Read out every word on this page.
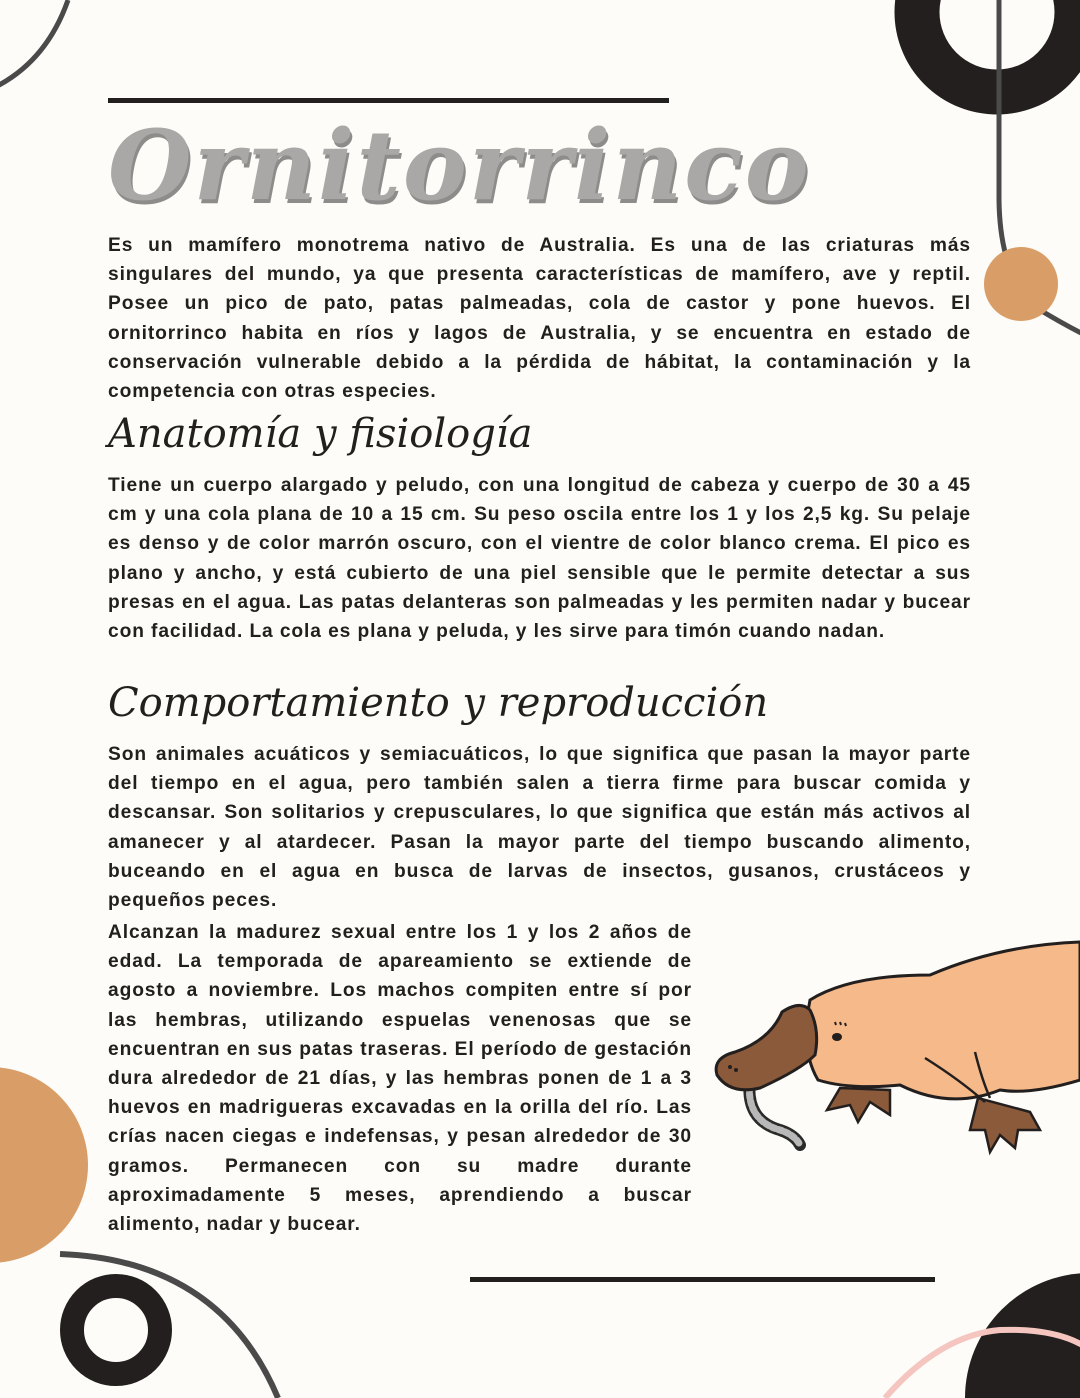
Ornitorrinco

Es un mamífero monotrema nativo de Australia. Es una de las criaturas más singulares del mundo, ya que presenta características de mamífero, ave y reptil. Posee un pico de pato, patas palmeadas, cola de castor y pone huevos. El ornitorrinco habita en ríos y lagos de Australia, y se encuentra en estado de conservación vulnerable debido a la pérdida de hábitat, la contaminación y la competencia con otras especies.

Anatomía y fisiología

Tiene un cuerpo alargado y peludo, con una longitud de cabeza y cuerpo de 30 a 45 cm y una cola plana de 10 a 15 cm. Su peso oscila entre los 1 y los 2,5 kg. Su pelaje es denso y de color marrón oscuro, con el vientre de color blanco crema. El pico es plano y ancho, y está cubierto de una piel sensible que le permite detectar a sus presas en el agua. Las patas delanteras son palmeadas y les permiten nadar y bucear con facilidad. La cola es plana y peluda, y les sirve para timón cuando nadan.

Comportamiento y reproducción

Son animales acuáticos y semiacuáticos, lo que significa que pasan la mayor parte del tiempo en el agua, pero también salen a tierra firme para buscar comida y descansar. Son solitarios y crepusculares, lo que significa que están más activos al amanecer y al atardecer. Pasan la mayor parte del tiempo buscando alimento, buceando en el agua en busca de larvas de insectos, gusanos, crustáceos y pequeños peces.

Alcanzan la madurez sexual entre los 1 y los 2 años de edad. La temporada de apareamiento se extiende de agosto a noviembre. Los machos compiten entre sí por las hembras, utilizando espuelas venenosas que se encuentran en sus patas traseras. El período de gestación dura alrededor de 21 días, y las hembras ponen de 1 a 3 huevos en madrigueras excavadas en la orilla del río. Las crías nacen ciegas e indefensas, y pesan alrededor de 30 gramos. Permanecen con su madre durante aproximadamente 5 meses, aprendiendo a buscar alimento, nadar y bucear.
